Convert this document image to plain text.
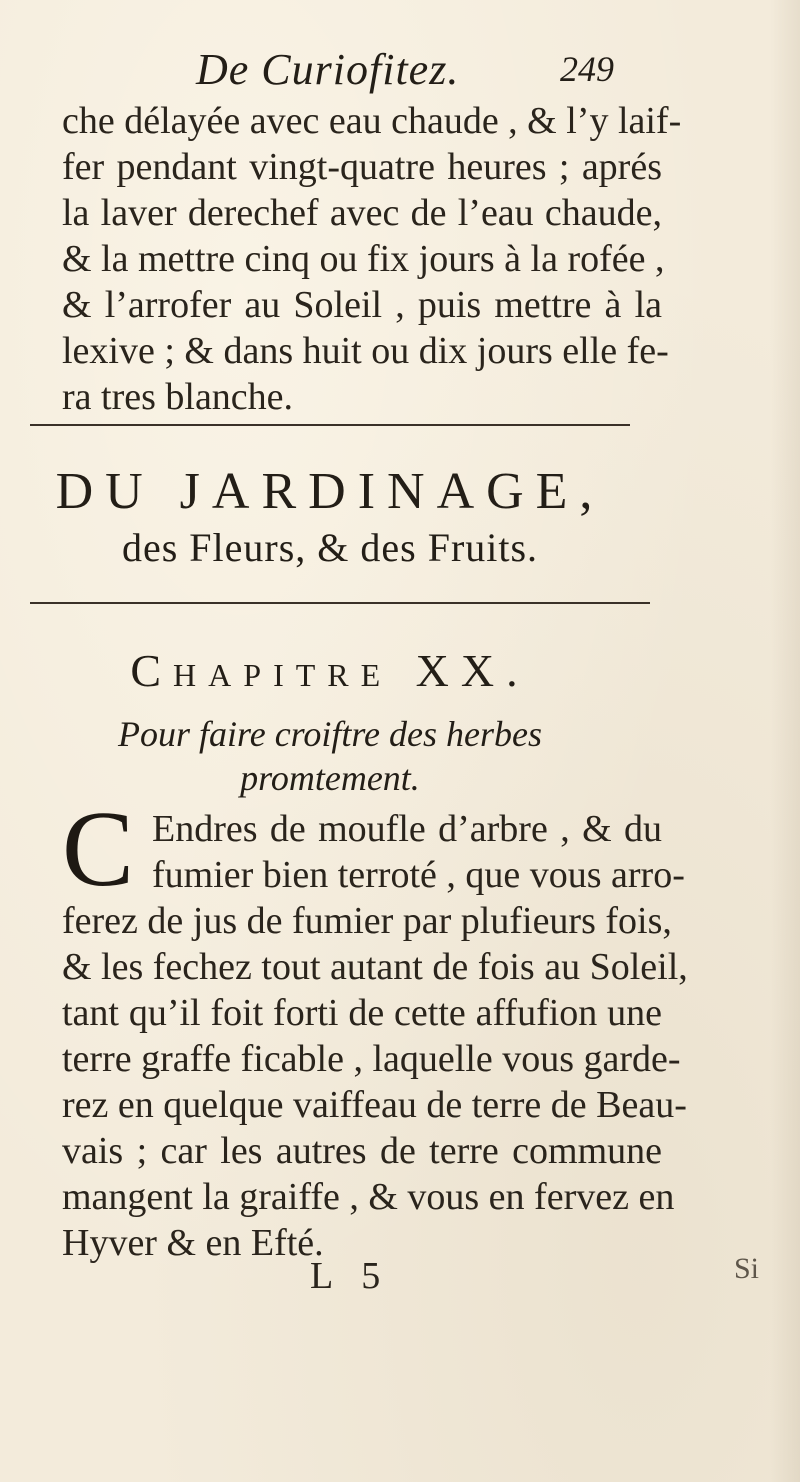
De Curiofitez.	249
che délayée avec eau chaude , & l’y laif-
fer pendant vingt-quatre heures ; aprés
la laver derechef avec de l’eau chaude,
& la mettre cinq ou fix jours à la rofée ,
& l’arrofer au Soleil , puis mettre à la
lexive ; & dans huit ou dix jours elle fe-
ra tres blanche.
DU JARDINAGE,
des Fleurs, & des Fruits.
Chapitre XX.
Pour faire croiftre des herbes
promtement.
C Endres de moufle d’arbre , & du
fumier bien terroté , que vous arro-
ferez de jus de fumier par plufieurs fois,
& les fechez tout autant de fois au Soleil,
tant qu’il foit forti de cette affufion une
terre graffe ficable , laquelle vous garde-
rez en quelque vaiffeau de terre de Beau-
vais ; car les autres de terre commune
mangent la graiffe , & vous en fervez en
Hyver & en Efté.
L 5	Si
